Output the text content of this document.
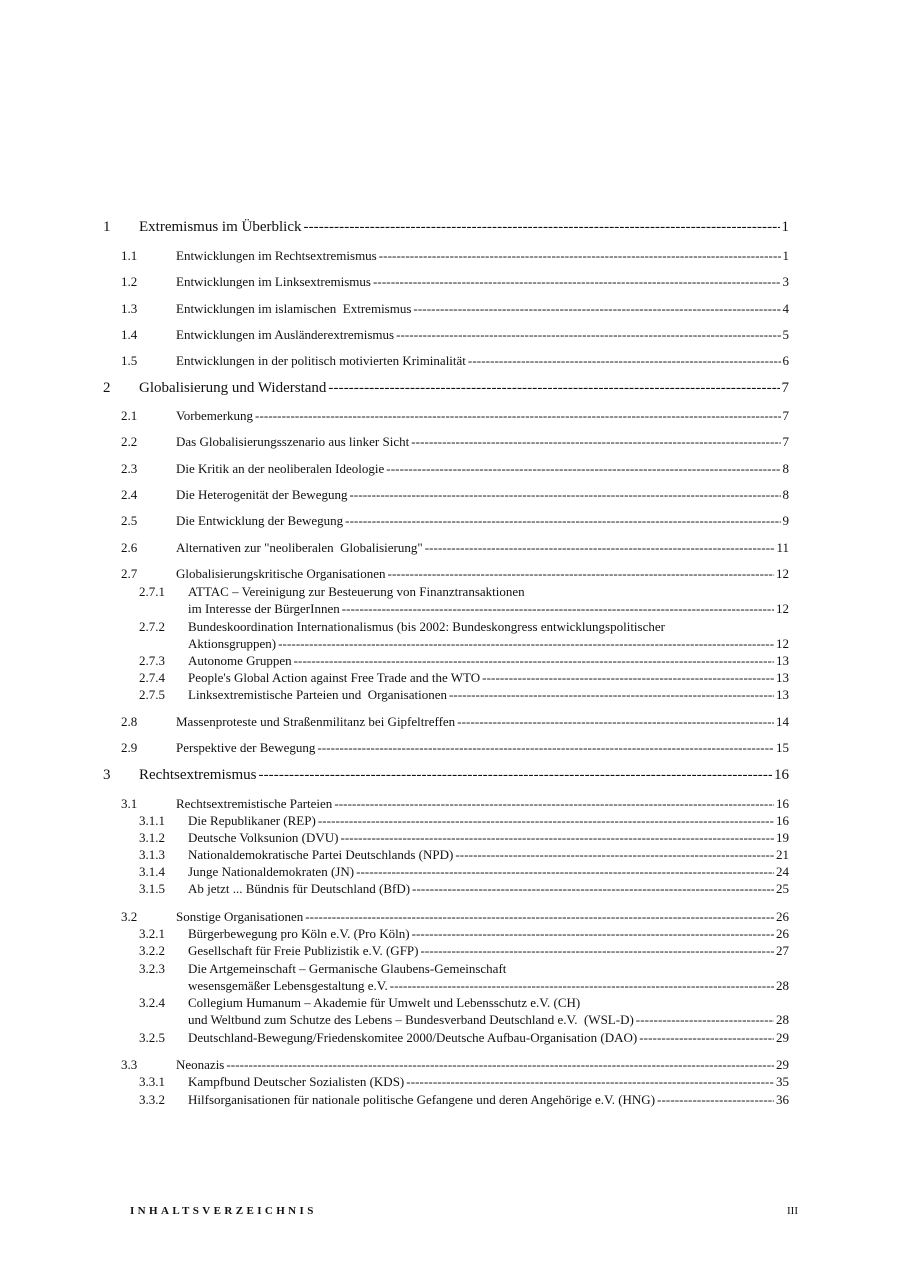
1	Extremismus im Überblick -----	1
1.1	Entwicklungen im Rechtsextremismus -----	1
1.2	Entwicklungen im Linksextremismus -----	3
1.3	Entwicklungen im islamischen  Extremismus -----	4
1.4	Entwicklungen im Ausländerextremismus -----	5
1.5	Entwicklungen in der politisch motivierten Kriminalität -----	6
2	Globalisierung und Widerstand -----	7
2.1	Vorbemerkung -----	7
2.2	Das Globalisierungsszenario aus linker Sicht -----	7
2.3	Die Kritik an der neoliberalen Ideologie -----	8
2.4	Die Heterogenität der Bewegung -----	8
2.5	Die Entwicklung der Bewegung -----	9
2.6	Alternativen zur "neoliberalen  Globalisierung" -----	11
2.7	Globalisierungskritische Organisationen -----	12
2.7.1 ATTAC – Vereinigung zur Besteuerung von Finanztransaktionen
im Interesse der BürgerInnen -----	12
2.7.2 Bundeskoordination Internationalismus (bis 2002: Bundeskongress entwicklungspolitischer
Aktionsgruppen) -----	12
2.7.3	Autonome Gruppen -----	13
2.7.4	People's Global Action against Free Trade and the WTO -----	13
2.7.5	Linksextremistische Parteien und  Organisationen -----	13
2.8	Massenproteste und Straßenmilitanz bei Gipfeltreffen -----	14
2.9	Perspektive der Bewegung -----	15
3	Rechtsextremismus -----	16
3.1	Rechtsextremistische Parteien -----	16
3.1.1	Die Republikaner (REP) -----	16
3.1.2	Deutsche Volksunion (DVU) -----	19
3.1.3	Nationaldemokratische Partei Deutschlands (NPD) -----	21
3.1.4	Junge Nationaldemokraten (JN) -----	24
3.1.5	Ab jetzt ... Bündnis für Deutschland (BfD) -----	25
3.2	Sonstige Organisationen -----	26
3.2.1	Bürgerbewegung pro Köln e.V. (Pro Köln) -----	26
3.2.2	Gesellschaft für Freie Publizistik e.V. (GFP) -----	27
3.2.3 Die Artgemeinschaft – Germanische Glaubens-Gemeinschaft
wesensgemäßer Lebensgestaltung e.V. -----	28
3.2.4 Collegium Humanum – Akademie für Umwelt und Lebensschutz e.V. (CH)
und Weltbund zum Schutze des Lebens – Bundesverband Deutschland e.V.  (WSL-D) -----	28
3.2.5	Deutschland-Bewegung/Friedenskomitee 2000/Deutsche Aufbau-Organisation (DAO) -----	29
3.3	Neonazis -----	29
3.3.1	Kampfbund Deutscher Sozialisten (KDS) -----	35
3.3.2	Hilfsorganisationen für nationale politische Gefangene und deren Angehörige e.V. (HNG) -----	36
INHALTSVERZEICHNIS	III
